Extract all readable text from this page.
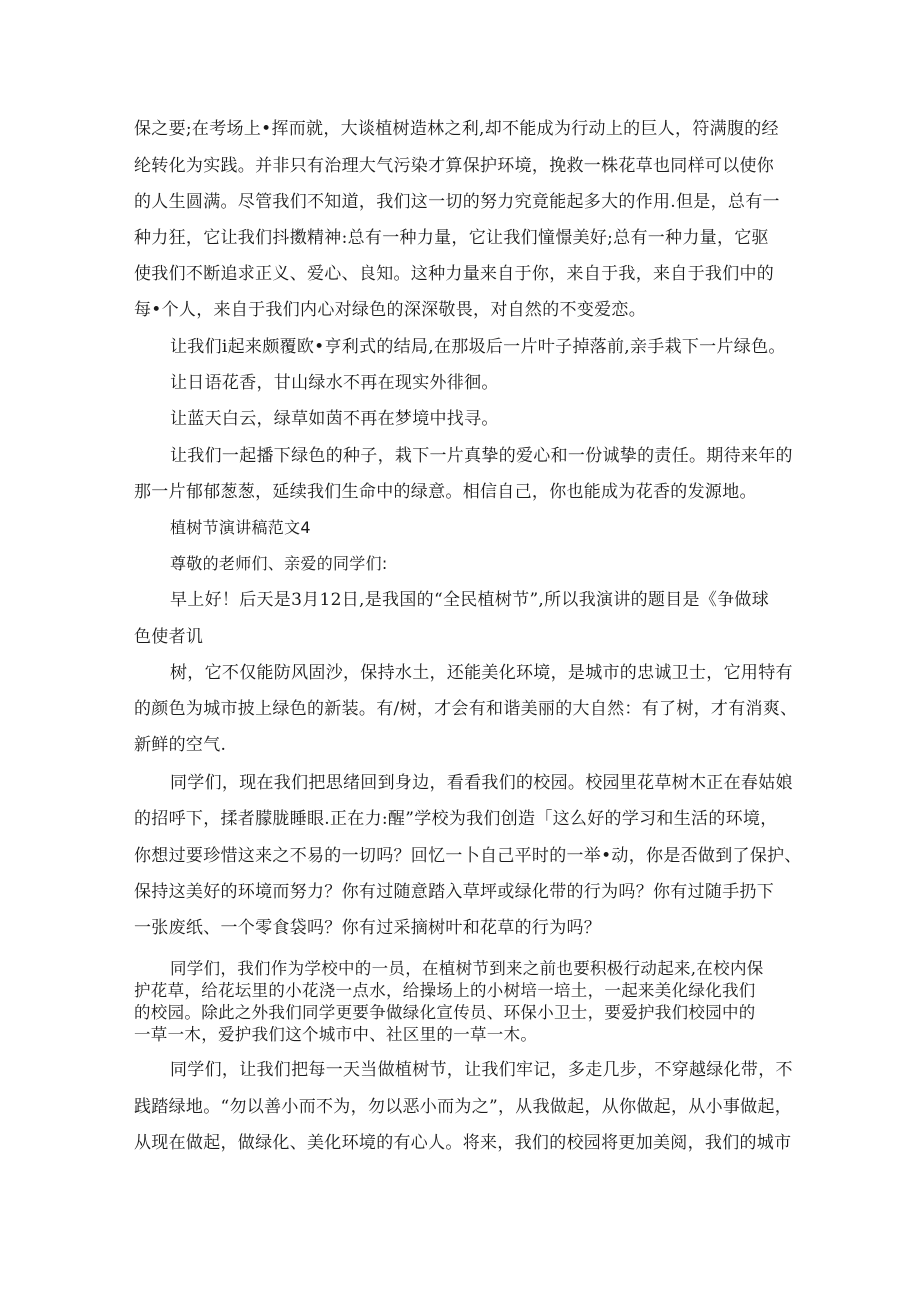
保之要;在考场上•挥而就，大谈植树造林之利,却不能成为行动上的巨人，符满腹的经
纶转化为实践。并非只有治理大气污染才算保护环境，挽救一株花草也同样可以使你
的人生圆满。尽管我们不知道，我们这一切的努力究竟能起多大的作用.但是，总有一
种力狂，它让我们抖擞精神:总有一种力量，它让我们憧憬美好;总有一种力量，它驱
使我们不断追求正义、爱心、良知。这种力量来自于你，来自于我，来自于我们中的
每•个人，来自于我们内心对绿色的深深敬畏，对自然的不变爱恋。
让我们i起来颇覆欧•亨利式的结局,在那圾后一片叶子掉落前,亲手栽下一片绿色。
让日语花香，甘山绿水不再在现实外徘徊。
让蓝天白云，绿草如茵不再在梦境中找寻。
让我们一起播下绿色的种子，栽下一片真挚的爱心和一份诚挚的责任。期待来年的
那一片郁郁葱葱，延续我们生命中的绿意。相信自己，你也能成为花香的发源地。
植树节演讲稿范文4
尊敬的老师们、亲爱的同学们:
早上好！后天是3月12日,是我国的“全民植树节”,所以我演讲的题目是《争做球
色使者讥
树，它不仅能防风固沙，保持水土，还能美化环境，是城市的忠诚卫士，它用特有
的颜色为城市披上绿色的新装。有/树，才会有和谐美丽的大自然：有了树，才有消爽、
新鲜的空气.
同学们，现在我们把思绪回到身边，看看我们的校园。校园里花草树木正在春姑娘
的招呼下，揉者朦胧睡眼.正在力:醒”学校为我们创造「这么好的学习和生活的环境，
你想过要珍惜这来之不易的一切吗？回忆一卜自己平时的一举•动，你是否做到了保护、
保持这美好的环境而努力？你有过随意踏入草坪或绿化带的行为吗？你有过随手扔下
一张废纸、一个零食袋吗？你有过采摘树叶和花草的行为吗？
同学们，我们作为学校中的一员，在植树节到来之前也要积极行动起来,在校内保
护花草，给花坛里的小花浇一点水，给操场上的小树培一培土，一起来美化绿化我们
的校园。除此之外我们同学更要争做绿化宣传员、环保小卫士，要爱护我们校园中的
一草一木，爱护我们这个城市中、社区里的一草一木。
同学们，让我们把每一天当做植树节，让我们牢记，多走几步，不穿越绿化带，不
践踏绿地。“勿以善小而不为，勿以恶小而为之”，从我做起，从你做起，从小事做起，
从现在做起，做绿化、美化环境的有心人。将来，我们的校园将更加美阅，我们的城市
